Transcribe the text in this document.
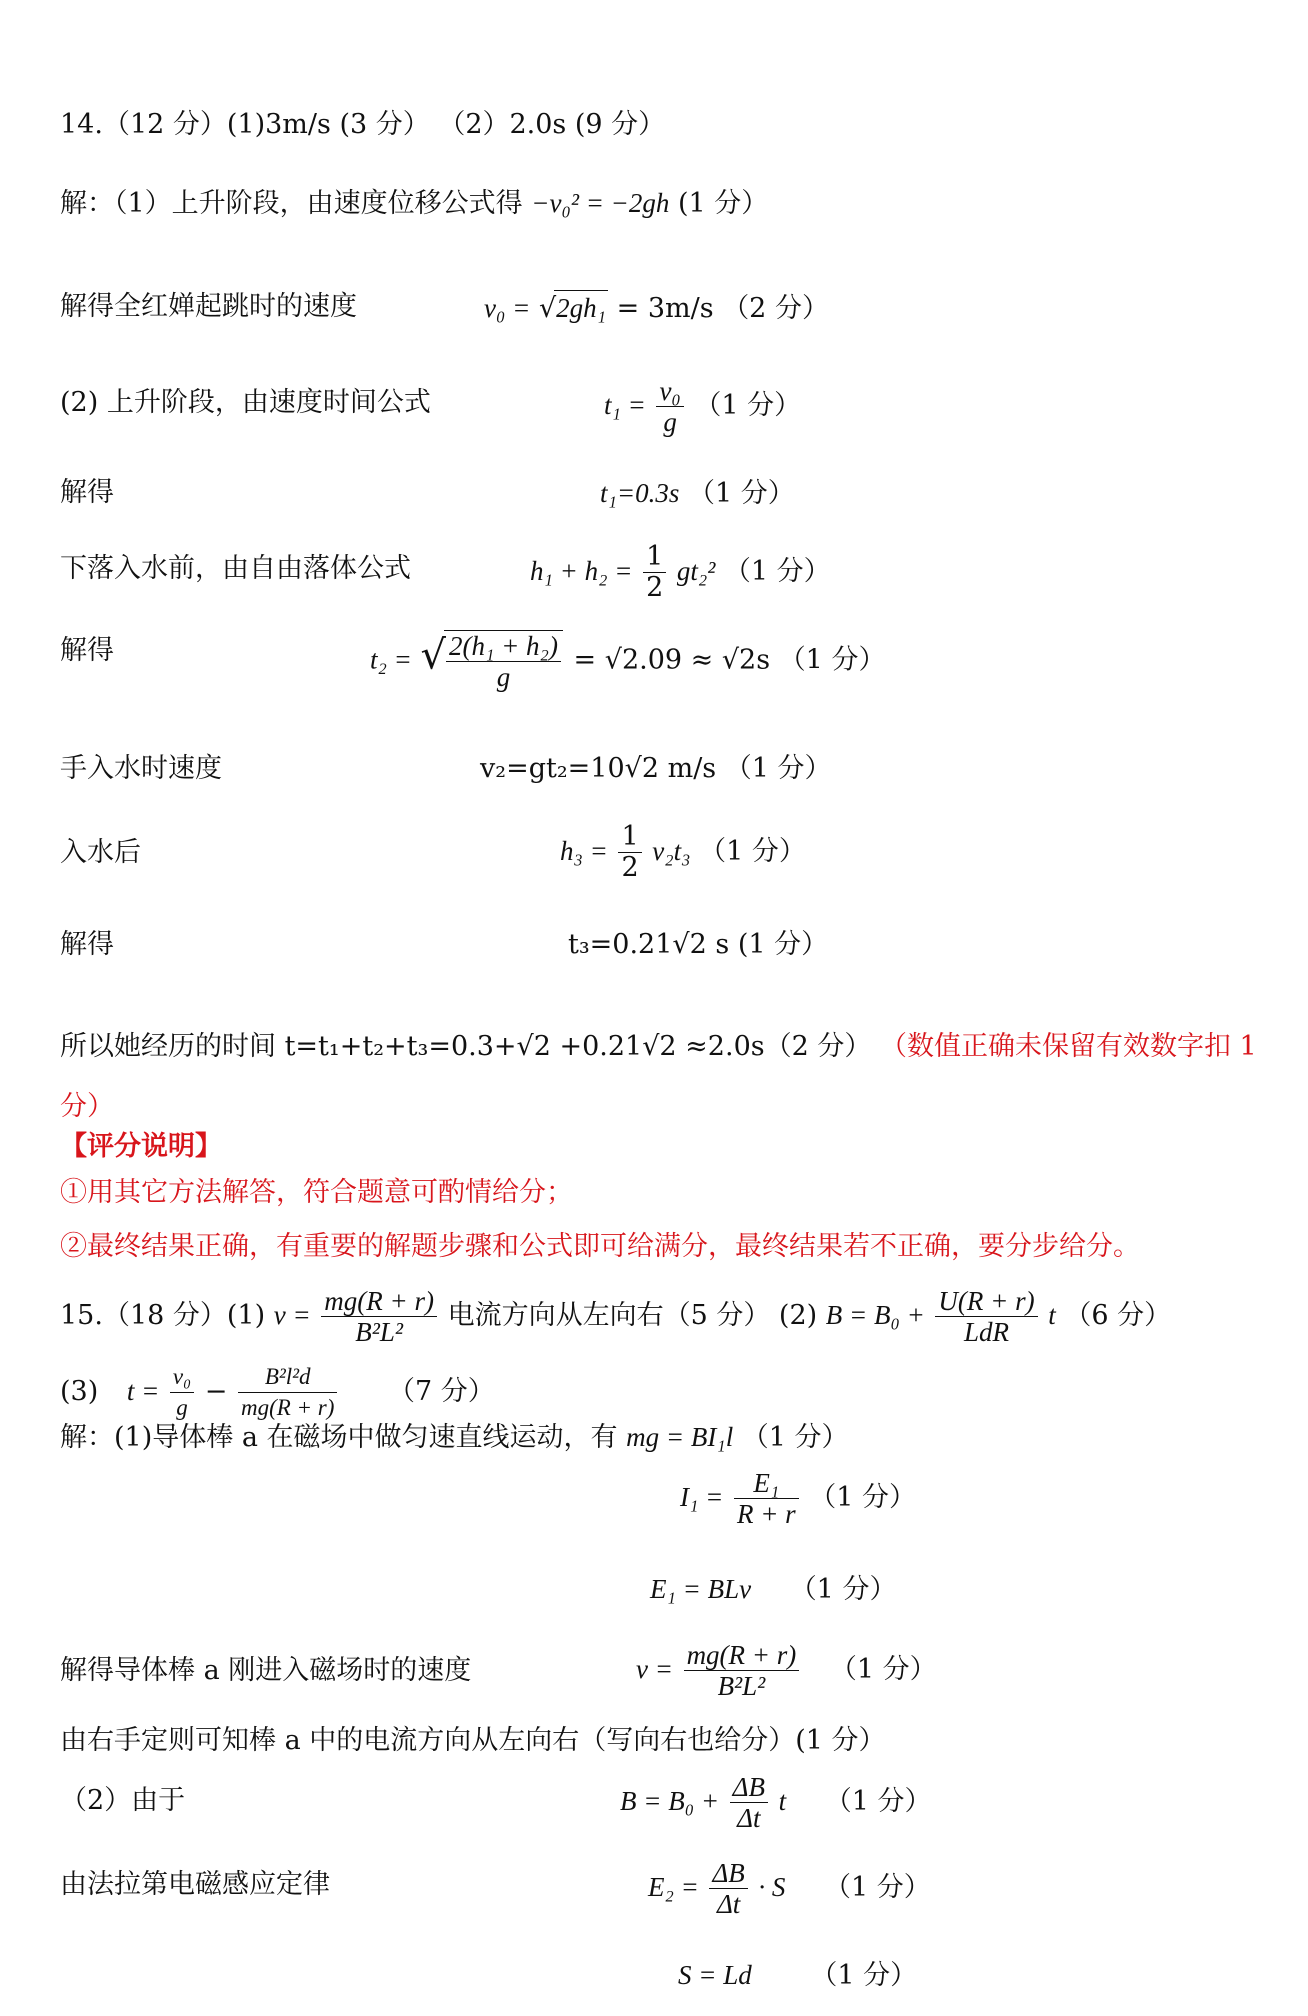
14.（12 分）(1)3m/s (3 分） （2）2.0s (9 分）
解：（1）上升阶段，由速度位移公式得 −v₀² = −2gh (1 分）
解得全红婵起跳时的速度	v₀ = √2gh₁ = 3m/s （2 分）
(2) 上升阶段，由速度时间公式	$t_1 = \frac{\text{v₀}}{g} (1$ 分）
解得	t₁=0.3s （1 分）
下落入水前，由自由落体公式	$h_1 + h_2 = \frac{1}{2} gt_2^2$ （1 分）
解得	t₂ = √
$\frac{\text{2(h₁ + h₂)}}{g} = √2.09 \approx √2s$ （1 分）
手入水时速度	v₂=gt₂=10√2 m/s （1 分）
入水后	$h_3 = \frac{1}{2} v_2t_3$ （1 分）
解得	t₃=0.21√2 s (1 分）
所以她经历的时间 t=t₁+t₂+t₃=0.3+√2 +0.21√2 ≈2.0s（2 分） （数值正确未保留有效数字扣 1
分）
【评分说明】
①用其它方法解答，符合题意可酌情给分；
②最终结果正确，有重要的解题步骤和公式即可给满分，最终结果若不正确，要分步给分。
15.（18 分）(1) $v = \frac{mg(R + r)}{\text{B²L²}}$ 电流方向从左向右（5 分） (2) $B = B_0 + \frac{U(R + r)}{\text{LdR}}$ t （6 分）
(3) $t = \frac{\text{v₀}}{g} - \frac{\text{B²l²d}}{mg(R + r)} (7$ 分）
解：(1)导体棒 a 在磁场中做匀速直线运动，有 mg = BI₁l （1 分）
$I_1 = \frac{\text{E₁}}{R + r} (1$ 分）
E₁ = BLv （1 分）
解得导体棒 a 刚进入磁场时的速度	$v = \frac{mg(R + r)}{\text{B²L²}} (1$ 分）
由右手定则可知棒 a 中的电流方向从左向右（写向右也给分）(1 分）
（2）由于	$B = B_0 + \frac{\Delta B}{\Delta t}$ t （1 分）
由法拉第电磁感应定律	$E_2 = \frac{\Delta B}{\Delta t} \cdot S$ （1 分）
S = Ld （1 分）
